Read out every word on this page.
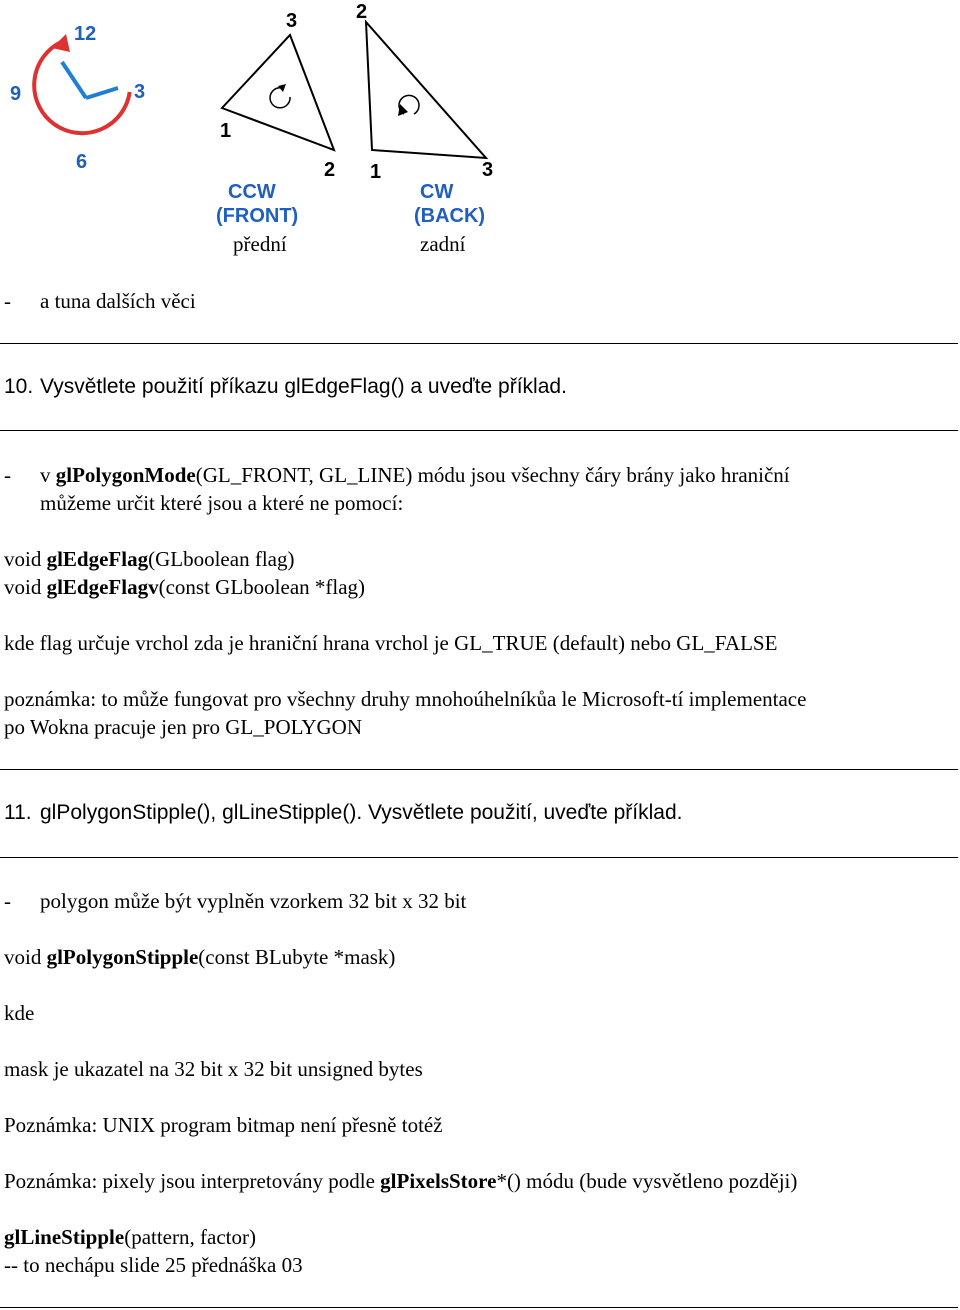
12
9	3
6
1
2
3
1
2
3
CCW
(FRONT)
CW
(BACK)
přední	zadní
- a tuna dalších věci
10. Vysvětlete použití příkazu glEdgeFlag() a uveďte příklad.
- v glPolygonMode(GL_FRONT, GL_LINE) módu jsou všechny čáry brány jako hraniční
můžeme určit které jsou a které ne pomocí:
void glEdgeFlag(GLboolean flag)
void glEdgeFlagv(const GLboolean *flag)
kde flag určuje vrchol zda je hraniční hrana vrchol je GL_TRUE (default) nebo GL_FALSE
poznámka: to může fungovat pro všechny druhy mnohoúhelníkůa le Microsoft-tí implementace
po Wokna pracuje jen pro GL_POLYGON
11. glPolygonStipple(), glLineStipple(). Vysvětlete použití, uveďte příklad.
- polygon může být vyplněn vzorkem 32 bit x 32 bit
void glPolygonStipple(const BLubyte *mask)
kde
mask je ukazatel na 32 bit x 32 bit unsigned bytes
Poznámka: UNIX program bitmap není přesně totéž
Poznámka: pixely jsou interpretovány podle glPixelsStore*() módu (bude vysvětleno později)
glLineStipple(pattern, factor)
-- to nechápu slide 25 přednáška 03
